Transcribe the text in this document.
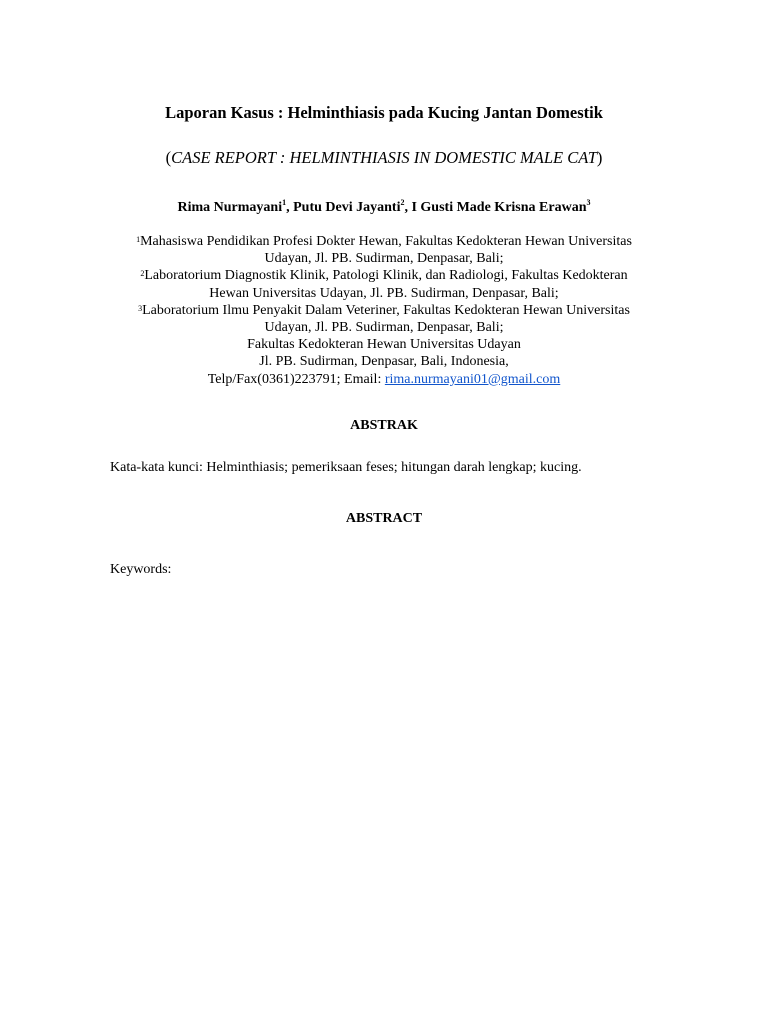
Laporan Kasus : Helminthiasis pada Kucing Jantan Domestik
(CASE REPORT : HELMINTHIASIS IN DOMESTIC MALE CAT)
Rima Nurmayani$^1$, Putu Devi Jayanti$^2$, I Gusti Made Krisna Erawan$^3$
$^1$Mahasiswa Pendidikan Profesi Dokter Hewan, Fakultas Kedokteran Hewan Universitas
Udayan, Jl. PB. Sudirman, Denpasar, Bali;
$^2$Laboratorium Diagnostik Klinik, Patologi Klinik, dan Radiologi, Fakultas Kedokteran
Hewan Universitas Udayan, Jl. PB. Sudirman, Denpasar, Bali;
$^3$Laboratorium Ilmu Penyakit Dalam Veteriner, Fakultas Kedokteran Hewan Universitas
Udayan, Jl. PB. Sudirman, Denpasar, Bali;
Fakultas Kedokteran Hewan Universitas Udayan
Jl. PB. Sudirman, Denpasar, Bali, Indonesia,
Telp/Fax(0361)223791; Email: rima.nurmayani01@gmail.com
ABSTRAK
Kata-kata kunci: Helminthiasis; pemeriksaan feses; hitungan darah lengkap; kucing.
ABSTRACT
Keywords:
